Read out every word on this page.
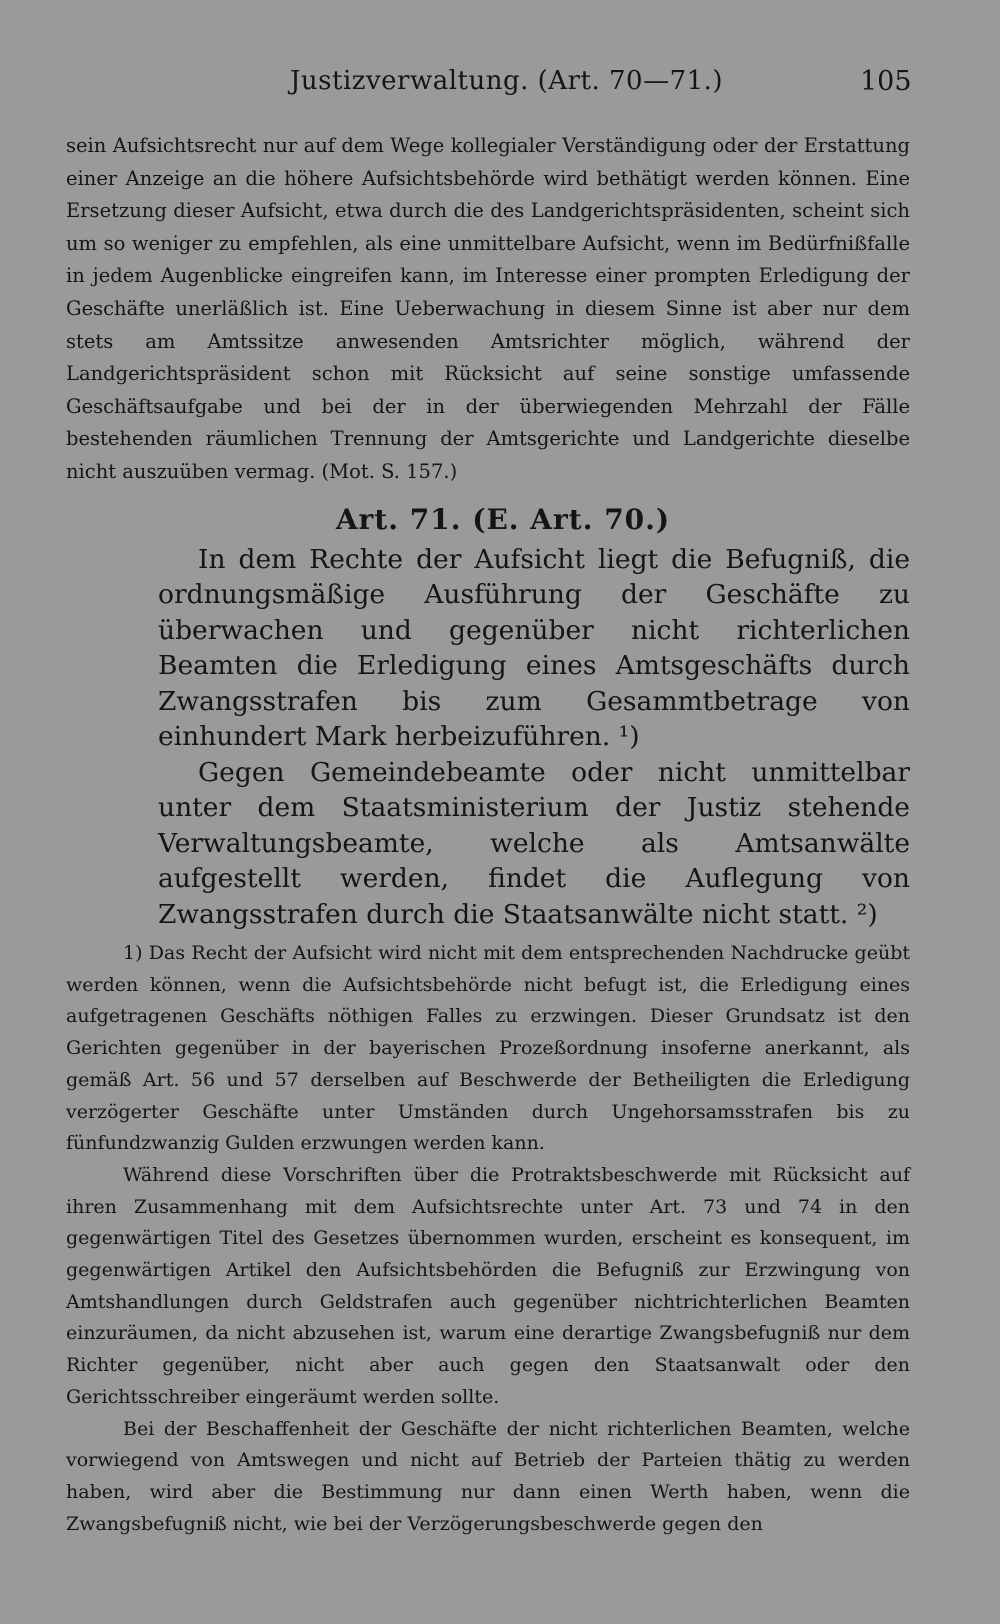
Justizverwaltung. (Art. 70—71.)	105

sein Aufsichtsrecht nur auf dem Wege kollegialer Verständigung oder der Erstattung einer Anzeige an die höhere Aufsichtsbehörde wird bethätigt werden können. Eine Ersetzung dieser Aufsicht, etwa durch die des Landgerichtspräsidenten, scheint sich um so weniger zu empfehlen, als eine unmittelbare Aufsicht, wenn im Bedürfnißfalle in jedem Augenblicke eingreifen kann, im Interesse einer prompten Erledigung der Geschäfte unerläßlich ist. Eine Ueberwachung in diesem Sinne ist aber nur dem stets am Amtssitze anwesenden Amtsrichter möglich, während der Landgerichtspräsident schon mit Rücksicht auf seine sonstige umfassende Geschäftsaufgabe und bei der in der überwiegenden Mehrzahl der Fälle bestehenden räumlichen Trennung der Amtsgerichte und Landgerichte dieselbe nicht auszuüben vermag. (Mot. S. 157.)

Art. 71. (E. Art. 70.)

In dem Rechte der Aufsicht liegt die Befugniß, die ordnungsmäßige Ausführung der Geschäfte zu überwachen und gegenüber nicht richterlichen Beamten die Erledigung eines Amtsgeschäfts durch Zwangsstrafen bis zum Gesammtbetrage von einhundert Mark herbeizuführen. ¹)

Gegen Gemeindebeamte oder nicht unmittelbar unter dem Staatsministerium der Justiz stehende Verwaltungsbeamte, welche als Amtsanwälte aufgestellt werden, findet die Auflegung von Zwangsstrafen durch die Staatsanwälte nicht statt. ²)

1) Das Recht der Aufsicht wird nicht mit dem entsprechenden Nachdrucke geübt werden können, wenn die Aufsichtsbehörde nicht befugt ist, die Erledigung eines aufgetragenen Geschäfts nöthigen Falles zu erzwingen. Dieser Grundsatz ist den Gerichten gegenüber in der bayerischen Prozeßordnung insoferne anerkannt, als gemäß Art. 56 und 57 derselben auf Beschwerde der Betheiligten die Erledigung verzögerter Geschäfte unter Umständen durch Ungehorsamsstrafen bis zu fünfundzwanzig Gulden erzwungen werden kann.

Während diese Vorschriften über die Protraktsbeschwerde mit Rücksicht auf ihren Zusammenhang mit dem Aufsichtsrechte unter Art. 73 und 74 in den gegenwärtigen Titel des Gesetzes übernommen wurden, erscheint es konsequent, im gegenwärtigen Artikel den Aufsichtsbehörden die Befugniß zur Erzwingung von Amtshandlungen durch Geldstrafen auch gegenüber nichtrichterlichen Beamten einzuräumen, da nicht abzusehen ist, warum eine derartige Zwangsbefugniß nur dem Richter gegenüber, nicht aber auch gegen den Staatsanwalt oder den Gerichtsschreiber eingeräumt werden sollte.

Bei der Beschaffenheit der Geschäfte der nicht richterlichen Beamten, welche vorwiegend von Amtswegen und nicht auf Betrieb der Parteien thätig zu werden haben, wird aber die Bestimmung nur dann einen Werth haben, wenn die Zwangsbefugniß nicht, wie bei der Verzögerungsbeschwerde gegen den
